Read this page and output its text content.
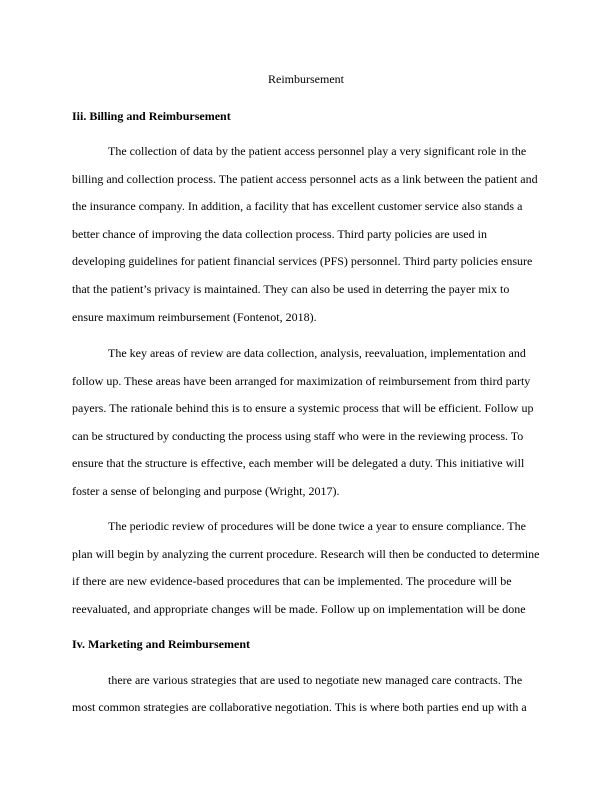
Reimbursement
Iii. Billing and Reimbursement
The collection of data by the patient access personnel play a very significant role in the
billing and collection process. The patient access personnel acts as a link between the patient and
the insurance company. In addition, a facility that has excellent customer service also stands a
better chance of improving the data collection process. Third party policies are used in
developing guidelines for patient financial services (PFS) personnel. Third party policies ensure
that the patient’s privacy is maintained. They can also be used in deterring the payer mix to
ensure maximum reimbursement (Fontenot, 2018).
The key areas of review are data collection, analysis, reevaluation, implementation and
follow up. These areas have been arranged for maximization of reimbursement from third party
payers. The rationale behind this is to ensure a systemic process that will be efficient. Follow up
can be structured by conducting the process using staff who were in the reviewing process. To
ensure that the structure is effective, each member will be delegated a duty. This initiative will
foster a sense of belonging and purpose (Wright, 2017).
The periodic review of procedures will be done twice a year to ensure compliance. The
plan will begin by analyzing the current procedure. Research will then be conducted to determine
if there are new evidence-based procedures that can be implemented. The procedure will be
reevaluated, and appropriate changes will be made. Follow up on implementation will be done
Iv. Marketing and Reimbursement
there are various strategies that are used to negotiate new managed care contracts. The
most common strategies are collaborative negotiation. This is where both parties end up with a
